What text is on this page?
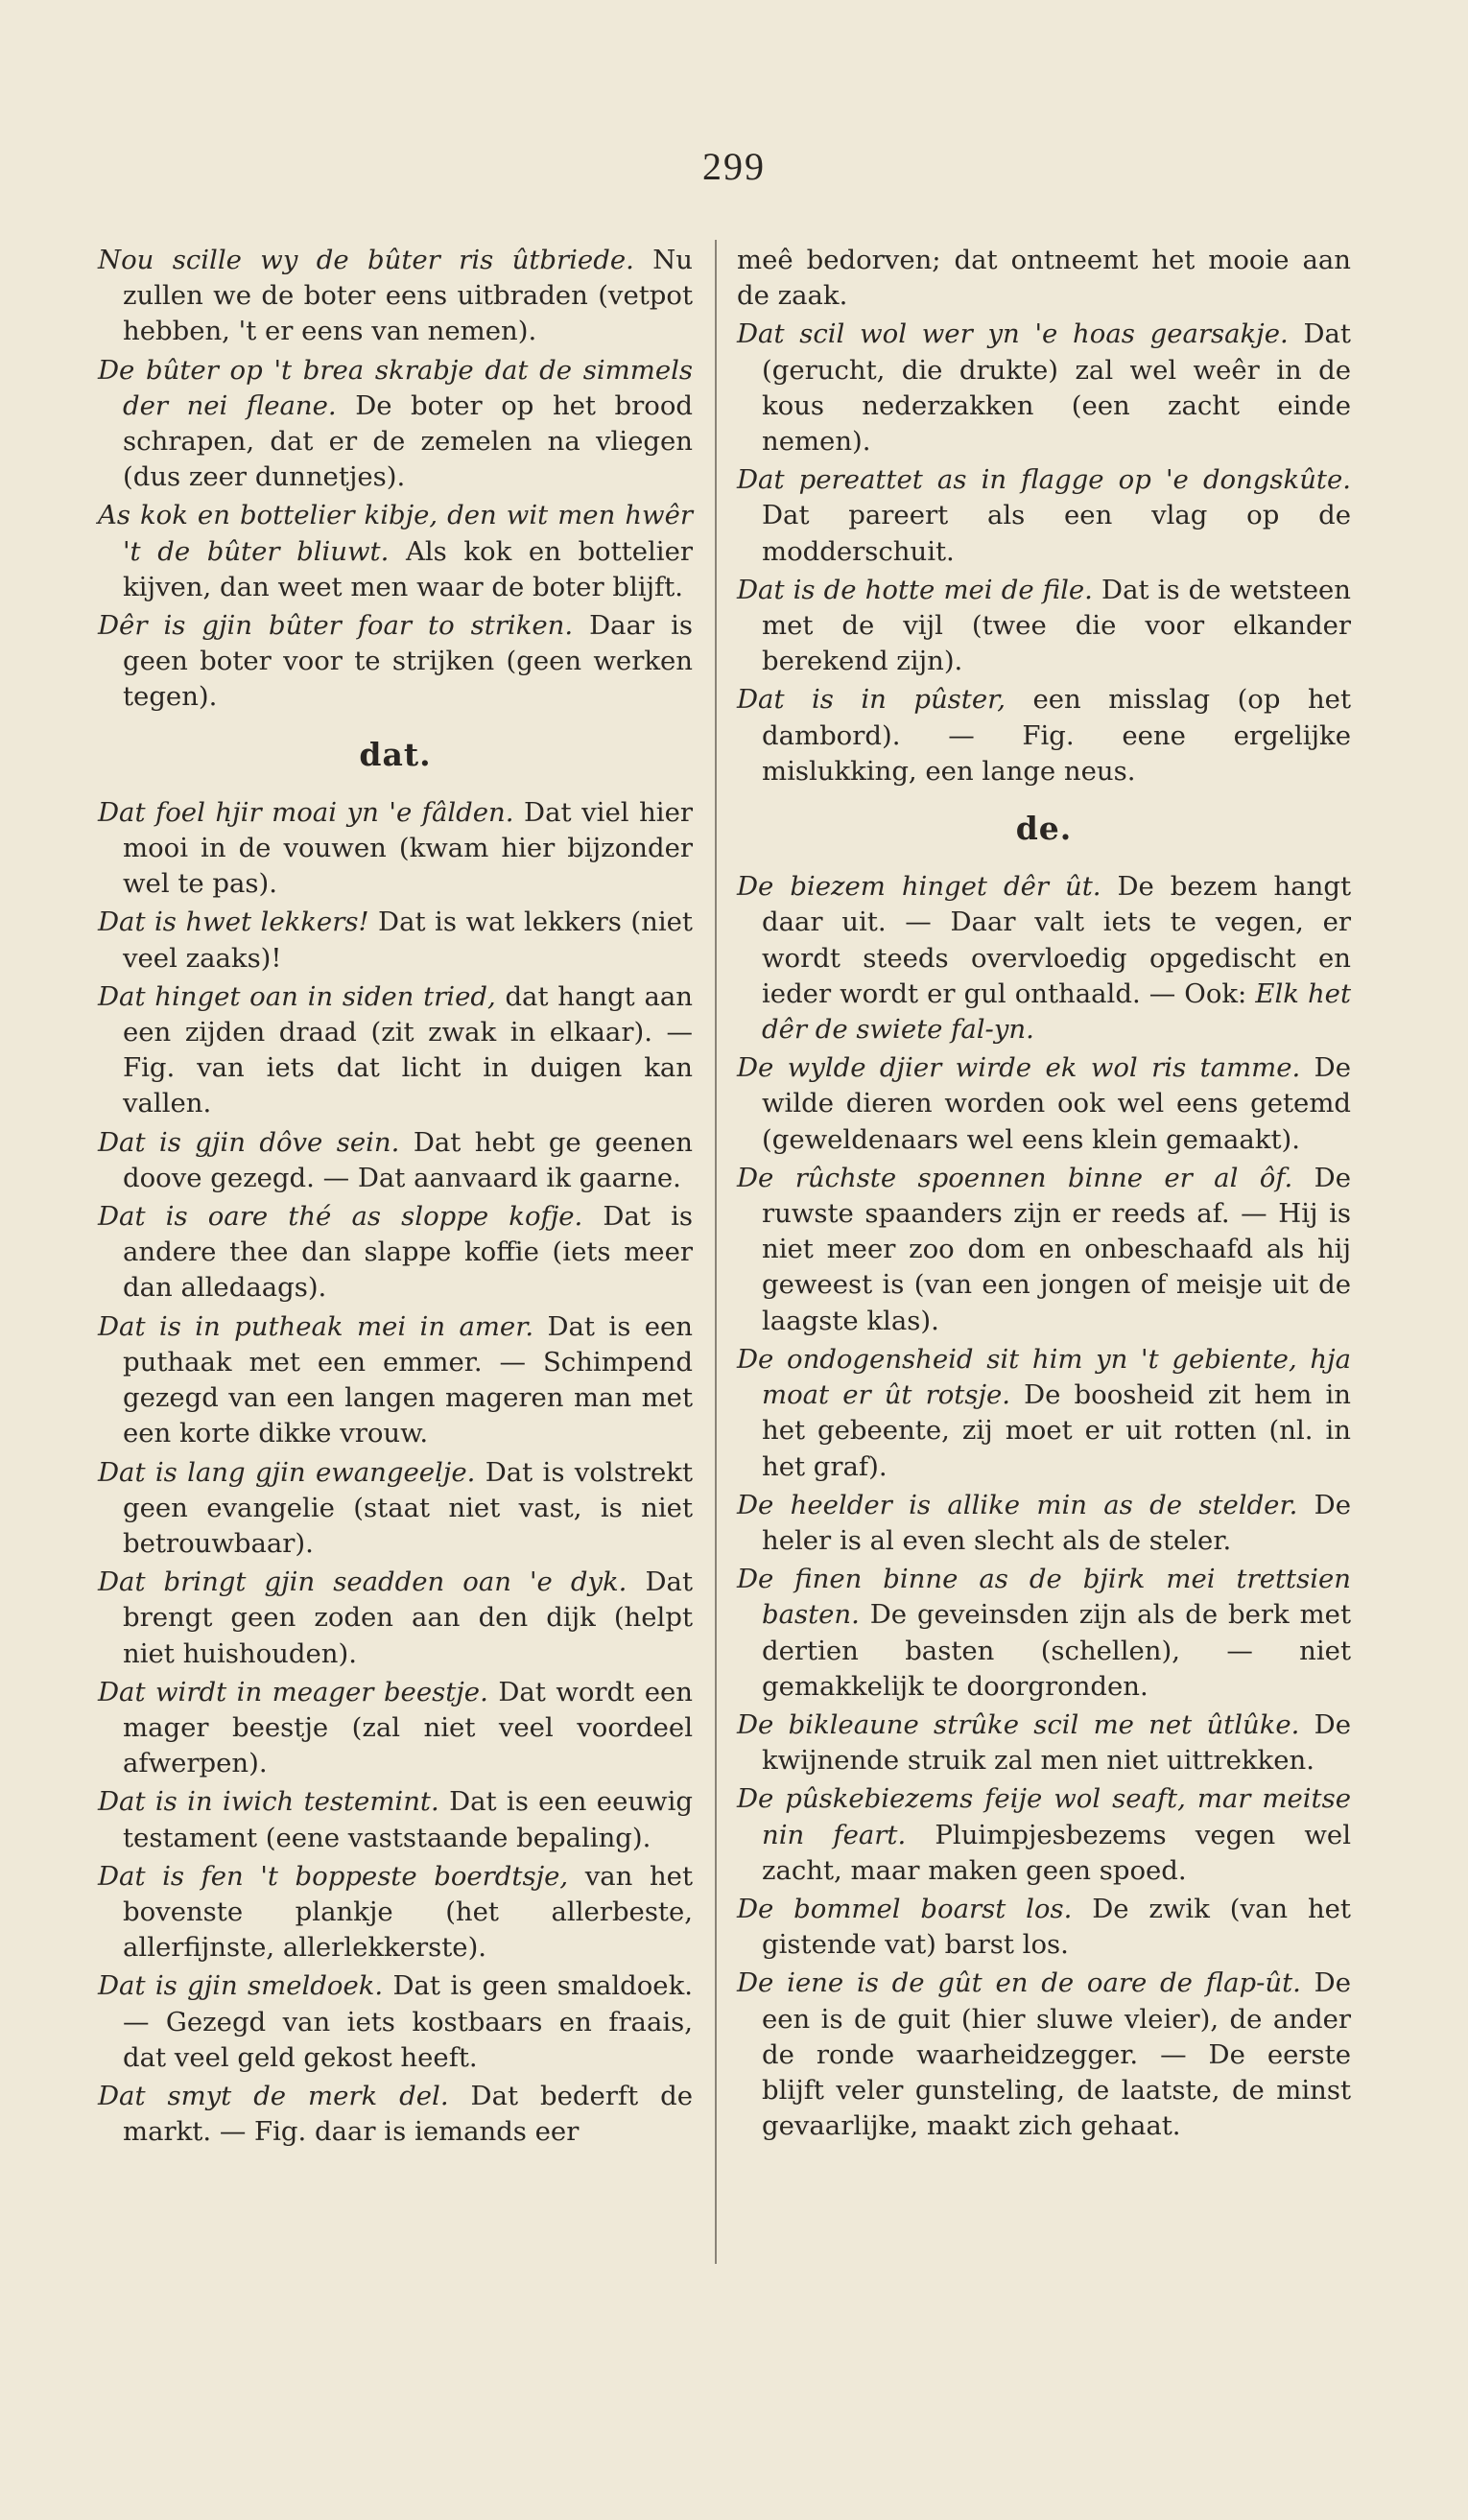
299

Nou scille wy de bûter ris ûtbriede. Nu zullen we de boter eens uitbraden (vetpot hebben, 't er eens van nemen).

De bûter op 't brea skrabje dat de simmels der nei fleane. De boter op het brood schrapen, dat er de zemelen na vliegen (dus zeer dunnetjes).

As kok en bottelier kibje, den wit men hwêr 't de bûter bliuwt. Als kok en bottelier kijven, dan weet men waar de boter blijft.

Dêr is gjin bûter foar to striken. Daar is geen boter voor te strijken (geen werken tegen).

dat.

Dat foel hjir moai yn 'e fâlden. Dat viel hier mooi in de vouwen (kwam hier bijzonder wel te pas).

Dat is hwet lekkers! Dat is wat lekkers (niet veel zaaks)!

Dat hinget oan in siden tried, dat hangt aan een zijden draad (zit zwak in elkaar). — Fig. van iets dat licht in duigen kan vallen.

Dat is gjin dôve sein. Dat hebt ge geenen doove gezegd. — Dat aanvaard ik gaarne.

Dat is oare thé as sloppe kofje. Dat is andere thee dan slappe koffie (iets meer dan alledaags).

Dat is in putheak mei in amer. Dat is een puthaak met een emmer. — Schimpend gezegd van een langen mageren man met een korte dikke vrouw.

Dat is lang gjin ewangeelje. Dat is volstrekt geen evangelie (staat niet vast, is niet betrouwbaar).

Dat bringt gjin seadden oan 'e dyk. Dat brengt geen zoden aan den dijk (helpt niet huishouden).

Dat wirdt in meager beestje. Dat wordt een mager beestje (zal niet veel voordeel afwerpen).

Dat is in iwich testemint. Dat is een eeuwig testament (eene vaststaande bepaling).

Dat is fen 't boppeste boerdtsje, van het bovenste plankje (het allerbeste, allerfijnste, allerlekkerste).

Dat is gjin smeldoek. Dat is geen smaldoek. — Gezegd van iets kostbaars en fraais, dat veel geld gekost heeft.

Dat smyt de merk del. Dat bederft de markt. — Fig. daar is iemands eer

meê bedorven; dat ontneemt het mooie aan de zaak.

Dat scil wol wer yn 'e hoas gearsakje. Dat (gerucht, die drukte) zal wel weêr in de kous nederzakken (een zacht einde nemen).

Dat pereattet as in flagge op 'e dongskûte. Dat pareert als een vlag op de modderschuit.

Dat is de hotte mei de file. Dat is de wetsteen met de vijl (twee die voor elkander berekend zijn).

Dat is in pûster, een misslag (op het dambord). — Fig. eene ergelijke mislukking, een lange neus.

de.

De biezem hinget dêr ût. De bezem hangt daar uit. — Daar valt iets te vegen, er wordt steeds overvloedig opgedischt en ieder wordt er gul onthaald. — Ook: Elk het dêr de swiete fal-yn.

De wylde djier wirde ek wol ris tamme. De wilde dieren worden ook wel eens getemd (geweldenaars wel eens klein gemaakt).

De rûchste spoennen binne er al ôf. De ruwste spaanders zijn er reeds af. — Hij is niet meer zoo dom en onbeschaafd als hij geweest is (van een jongen of meisje uit de laagste klas).

De ondogensheid sit him yn 't gebiente, hja moat er ût rotsje. De boosheid zit hem in het gebeente, zij moet er uit rotten (nl. in het graf).

De heelder is allike min as de stelder. De heler is al even slecht als de steler.

De finen binne as de bjirk mei trettsien basten. De geveinsden zijn als de berk met dertien basten (schellen), — niet gemakkelijk te doorgronden.

De bikleaune strûke scil me net ûtlûke. De kwijnende struik zal men niet uittrekken.

De pûskebiezems feije wol seaft, mar meitse nin feart. Pluimpjesbezems vegen wel zacht, maar maken geen spoed.

De bommel boarst los. De zwik (van het gistende vat) barst los.

De iene is de gût en de oare de flap-ût. De een is de guit (hier sluwe vleier), de ander de ronde waarheidzegger. — De eerste blijft veler gunsteling, de laatste, de minst gevaarlijke, maakt zich gehaat.
